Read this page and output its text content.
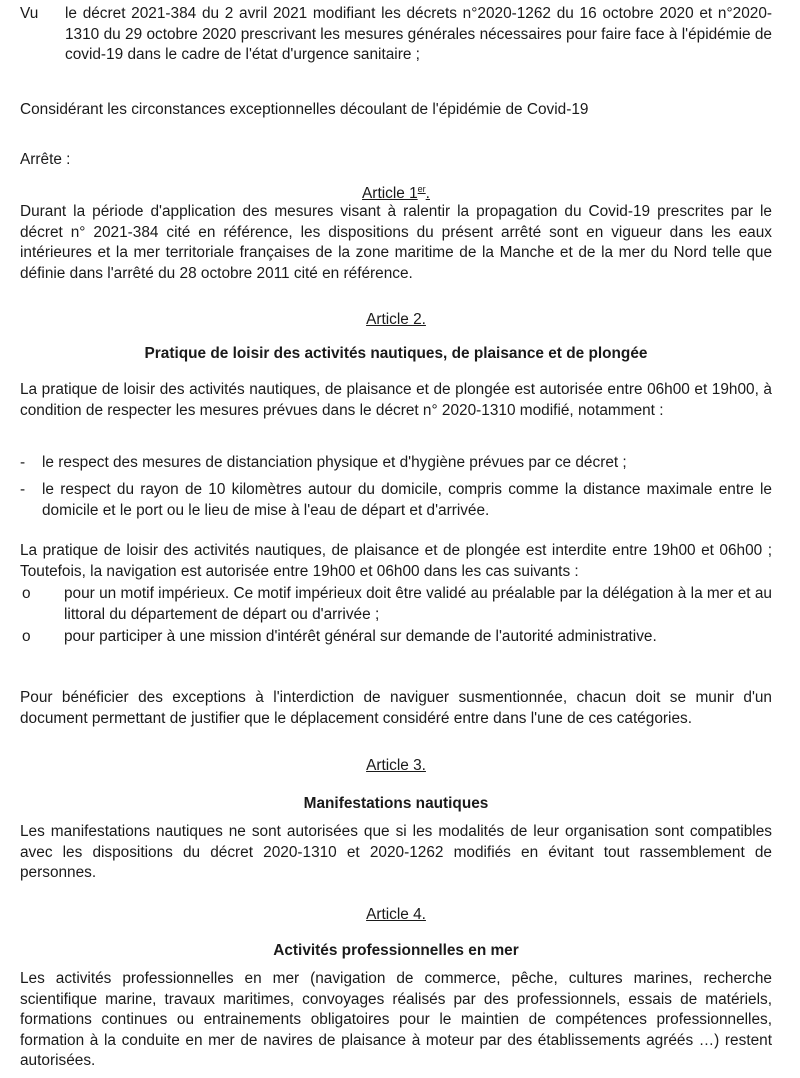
Vu	le décret 2021-384 du 2 avril 2021 modifiant les décrets n°2020-1262 du 16 octobre 2020 et n°2020-1310 du 29 octobre 2020 prescrivant les mesures générales nécessaires pour faire face à l'épidémie de covid-19 dans le cadre de l'état d'urgence sanitaire ;

Considérant les circonstances exceptionnelles découlant de l'épidémie de Covid-19

Arrête :

Article 1er.

Durant la période d'application des mesures visant à ralentir la propagation du Covid-19 prescrites par le décret n° 2021-384 cité en référence, les dispositions du présent arrêté sont en vigueur dans les eaux intérieures et la mer territoriale françaises de la zone maritime de la Manche et de la mer du Nord telle que définie dans l'arrêté du 28 octobre 2011 cité en référence.

Article 2.

Pratique de loisir des activités nautiques, de plaisance et de plongée

La pratique de loisir des activités nautiques, de plaisance et de plongée est autorisée entre 06h00 et 19h00, à condition de respecter les mesures prévues dans le décret n° 2020-1310 modifié, notamment :

-	le respect des mesures de distanciation physique et d'hygiène prévues par ce décret ;
-	le respect du rayon de 10 kilomètres autour du domicile, compris comme la distance maximale entre le domicile et le port ou le lieu de mise à l'eau de départ et d'arrivée.

La pratique de loisir des activités nautiques, de plaisance et de plongée est interdite entre 19h00 et 06h00 ; Toutefois, la navigation est autorisée entre 19h00 et 06h00 dans les cas suivants :

o	pour un motif impérieux. Ce motif impérieux doit être validé au préalable par la délégation à la mer et au littoral du département de départ ou d'arrivée ;
o	pour participer à une mission d'intérêt général sur demande de l'autorité administrative.

Pour bénéficier des exceptions à l'interdiction de naviguer susmentionnée, chacun doit se munir d'un document permettant de justifier que le déplacement considéré entre dans l'une de ces catégories.

Article 3.

Manifestations nautiques

Les manifestations nautiques ne sont autorisées que si les modalités de leur organisation sont compatibles avec les dispositions du décret 2020-1310 et 2020-1262 modifiés en évitant tout rassemblement de personnes.

Article 4.

Activités professionnelles en mer

Les activités professionnelles en mer (navigation de commerce, pêche, cultures marines, recherche scientifique marine, travaux maritimes, convoyages réalisés par des professionnels, essais de matériels, formations continues ou entrainements obligatoires pour le maintien de compétences professionnelles, formation à la conduite en mer de navires de plaisance à moteur par des établissements agréés …) restent autorisées.
